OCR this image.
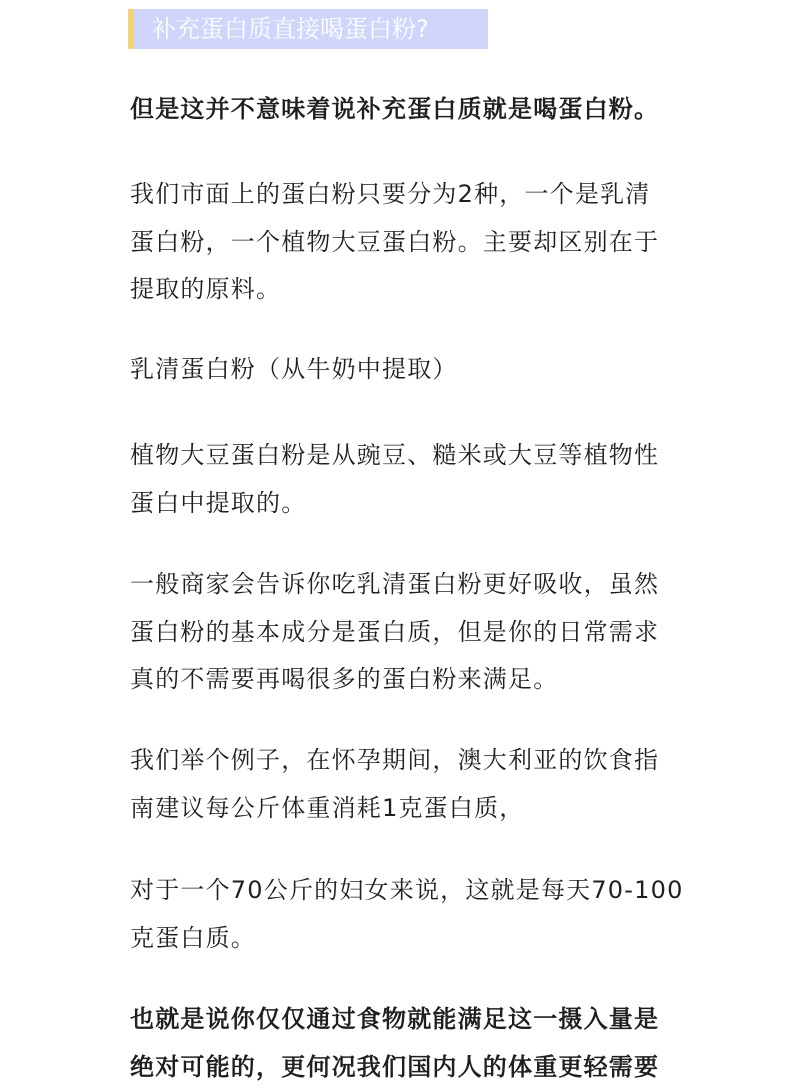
补充蛋白质直接喝蛋白粉?

但是这并不意味着说补充蛋白质就是喝蛋白粉。

我们市面上的蛋白粉只要分为2种，一个是乳清
蛋白粉，一个植物大豆蛋白粉。主要却区别在于
提取的原料。

乳清蛋白粉（从牛奶中提取）

植物大豆蛋白粉是从豌豆、糙米或大豆等植物性
蛋白中提取的。

一般商家会告诉你吃乳清蛋白粉更好吸收，虽然
蛋白粉的基本成分是蛋白质，但是你的日常需求
真的不需要再喝很多的蛋白粉来满足。

我们举个例子，在怀孕期间，澳大利亚的饮食指
南建议每公斤体重消耗1克蛋白质，

对于一个70公斤的妇女来说，这就是每天70-100
克蛋白质。

也就是说你仅仅通过食物就能满足这一摄入量是
绝对可能的，更何况我们国内人的体重更轻需要
